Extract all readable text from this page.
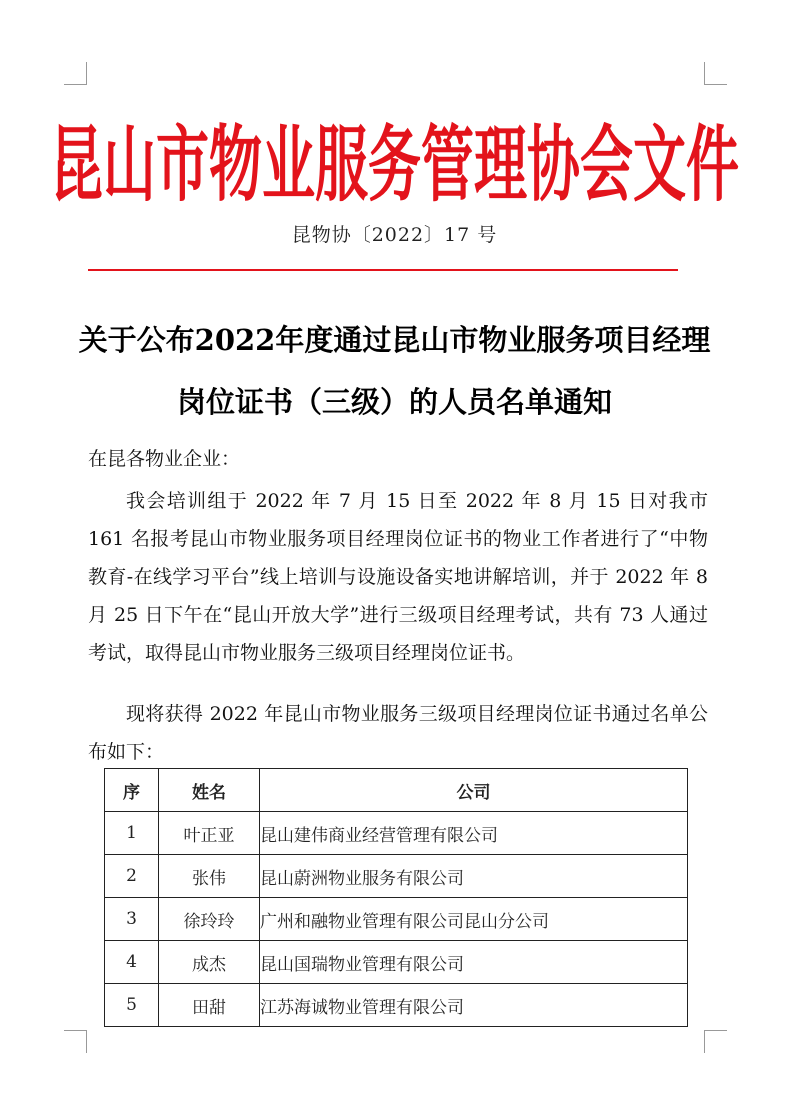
昆山市物业服务管理协会文件
昆物协〔2022〕17 号
关于公布2022年度通过昆山市物业服务项目经理
岗位证书（三级）的人员名单通知
在昆各物业企业：
我会培训组于 2022 年 7 月 15 日至 2022 年 8 月 15 日对我市 161 名报考昆山市物业服务项目经理岗位证书的物业工作者进行了“中物教育-在线学习平台”线上培训与设施设备实地讲解培训，并于 2022 年 8 月 25 日下午在“昆山开放大学”进行三级项目经理考试，共有 73 人通过考试，取得昆山市物业服务三级项目经理岗位证书。
现将获得 2022 年昆山市物业服务三级项目经理岗位证书通过名单公布如下：
序	姓名	公司
1	叶正亚	昆山建伟商业经营管理有限公司
2	张伟	昆山蔚洲物业服务有限公司
3	徐玲玲	广州和融物业管理有限公司昆山分公司
4	成杰	昆山国瑞物业管理有限公司
5	田甜	江苏海诚物业管理有限公司
